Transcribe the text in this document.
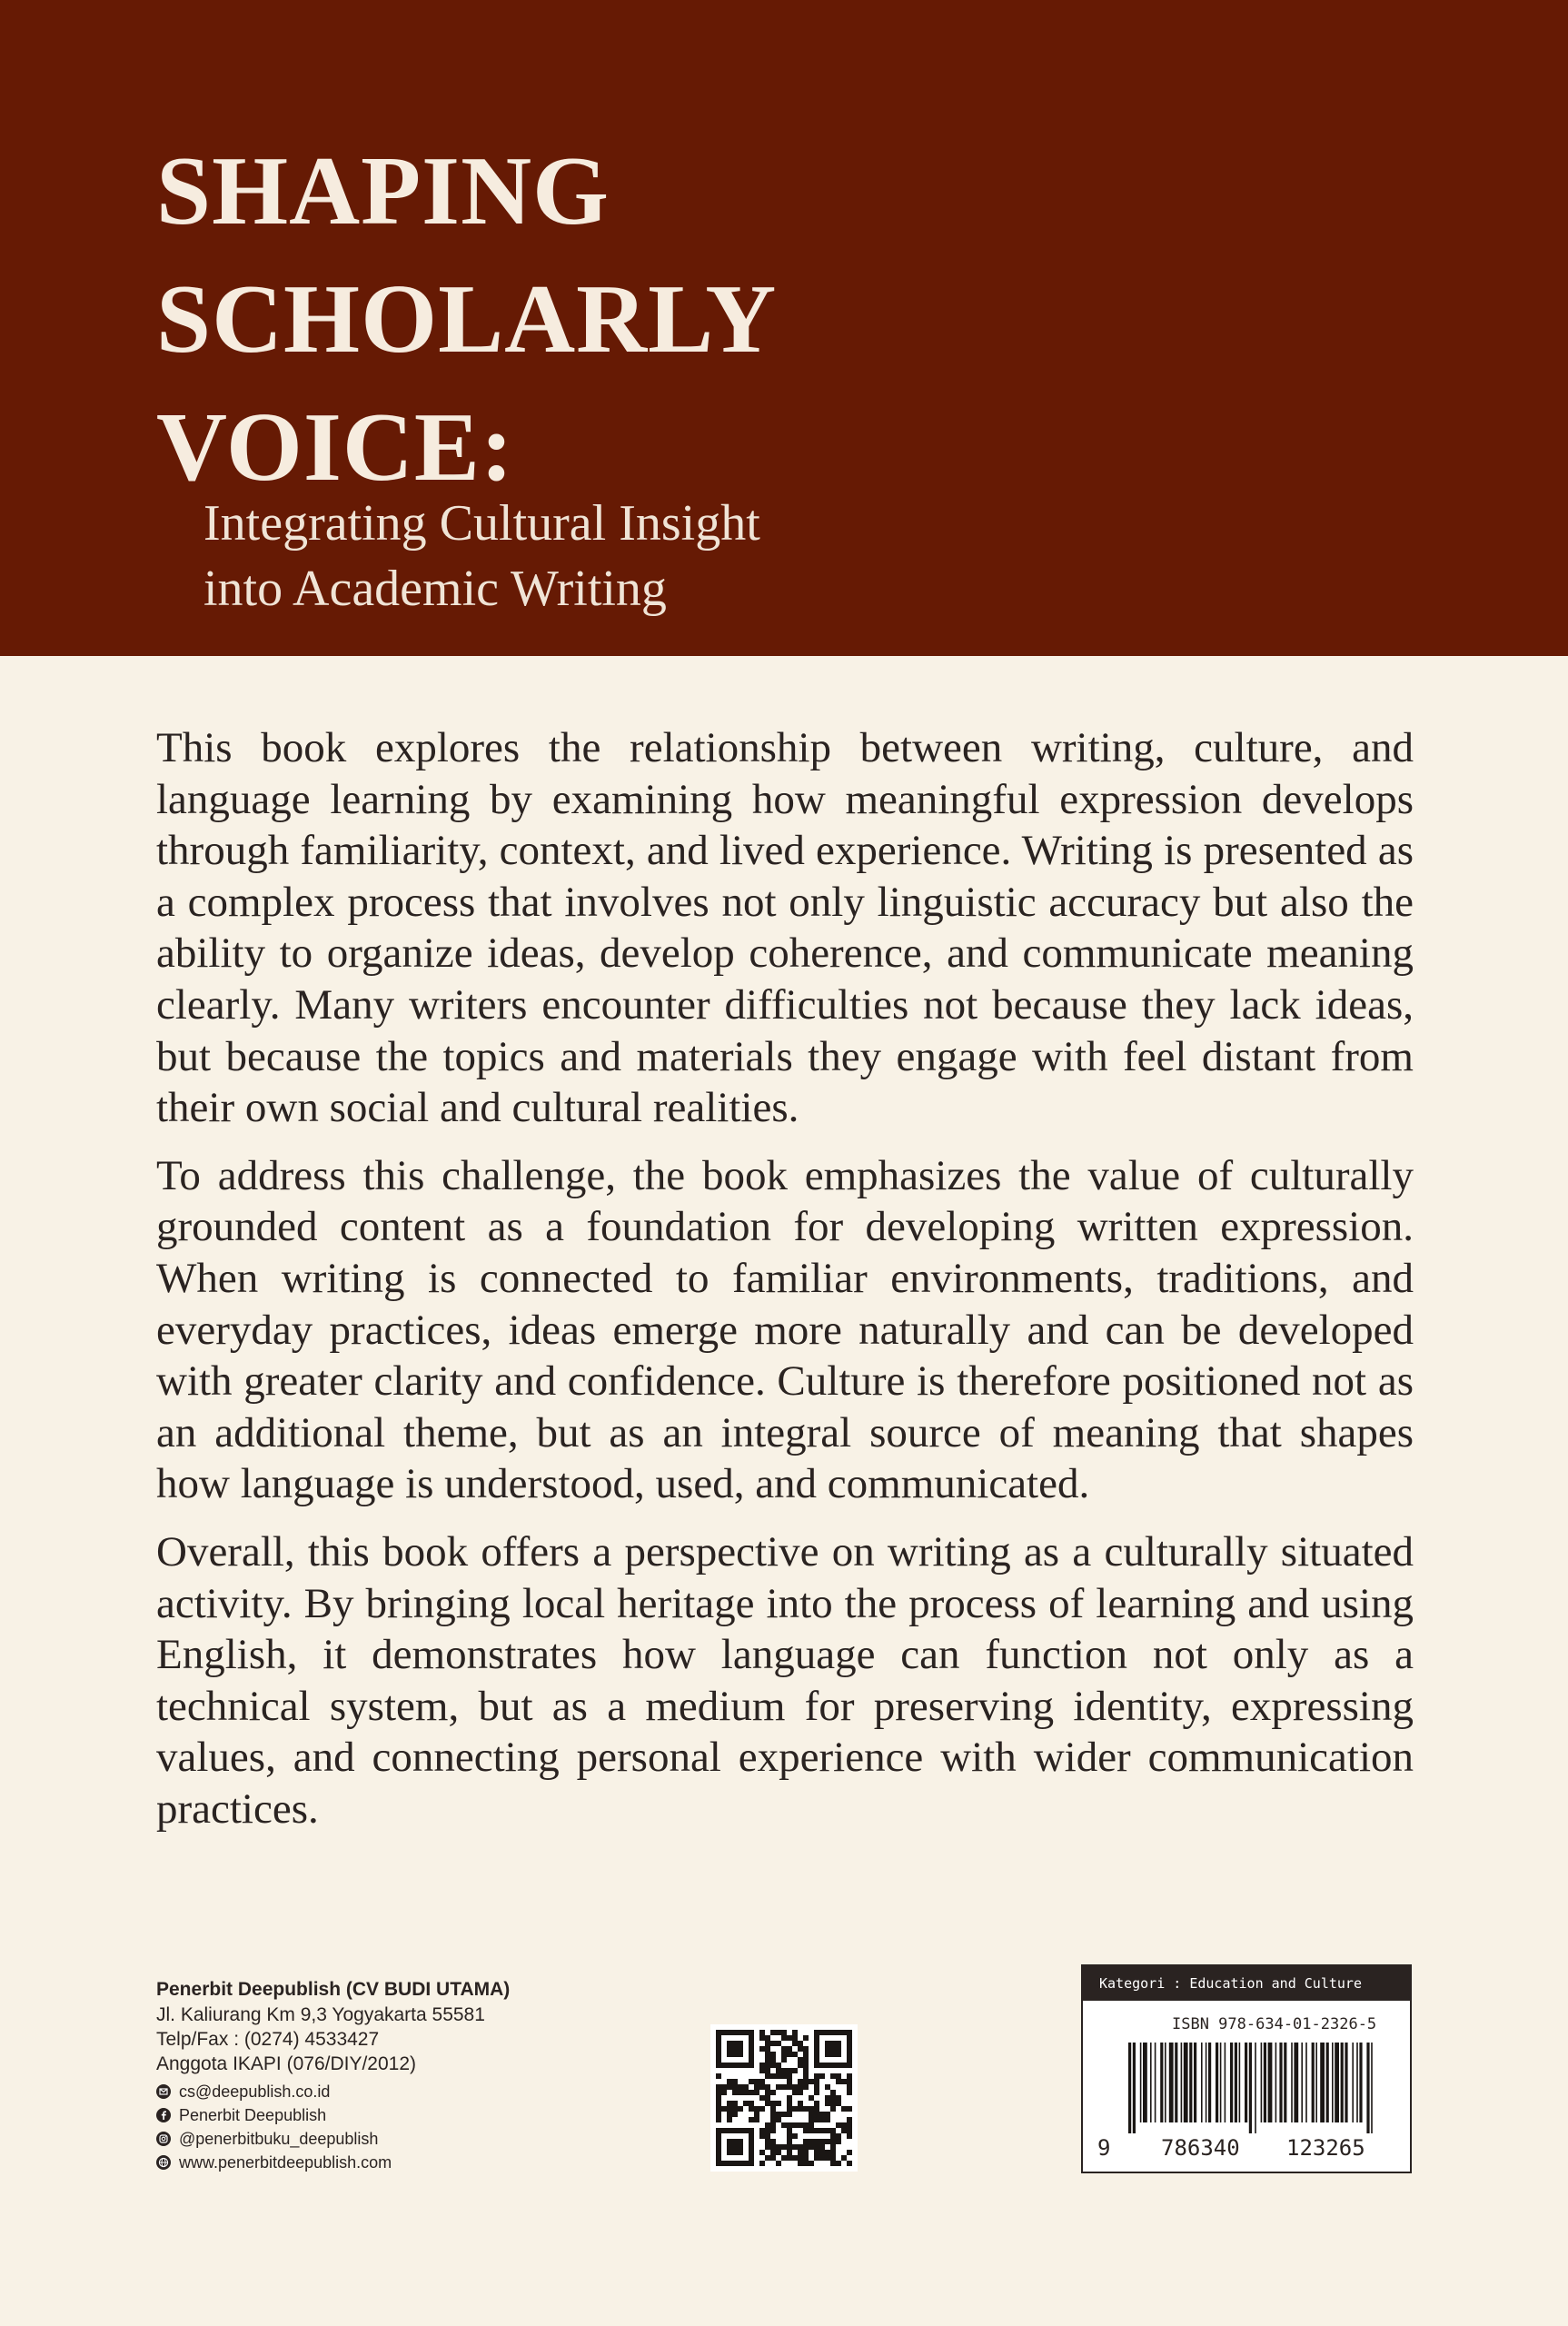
SHAPING
SCHOLARLY
VOICE:
Integrating Cultural Insight
into Academic Writing

This book explores the relationship between writing, culture, and language learning by examining how meaningful expression develops through familiarity, context, and lived experience. Writing is presented as a complex process that involves not only linguistic accuracy but also the ability to organize ideas, develop coherence, and communicate meaning clearly. Many writers encounter difficulties not because they lack ideas, but because the topics and materials they engage with feel distant from their own social and cultural realities.

To address this challenge, the book emphasizes the value of culturally grounded content as a foundation for developing written expression. When writing is connected to familiar environments, traditions, and everyday practices, ideas emerge more naturally and can be developed with greater clarity and confidence. Culture is therefore positioned not as an additional theme, but as an integral source of meaning that shapes how language is understood, used, and communicated.

Overall, this book offers a perspective on writing as a culturally situated activity. By bringing local heritage into the process of learning and using English, it demonstrates how language can function not only as a technical system, but as a medium for preserving identity, expressing values, and connecting personal experience with wider communication practices.

Penerbit Deepublish (CV BUDI UTAMA)
Jl. Kaliurang Km 9,3 Yogyakarta 55581
Telp/Fax : (0274) 4533427
Anggota IKAPI (076/DIY/2012)
cs@deepublish.co.id
Penerbit Deepublish
@penerbitbuku_deepublish
www.penerbitdeepublish.com
Kategori : Education and Culture
ISBN 978-634-01-2326-5
9 786340 123265
